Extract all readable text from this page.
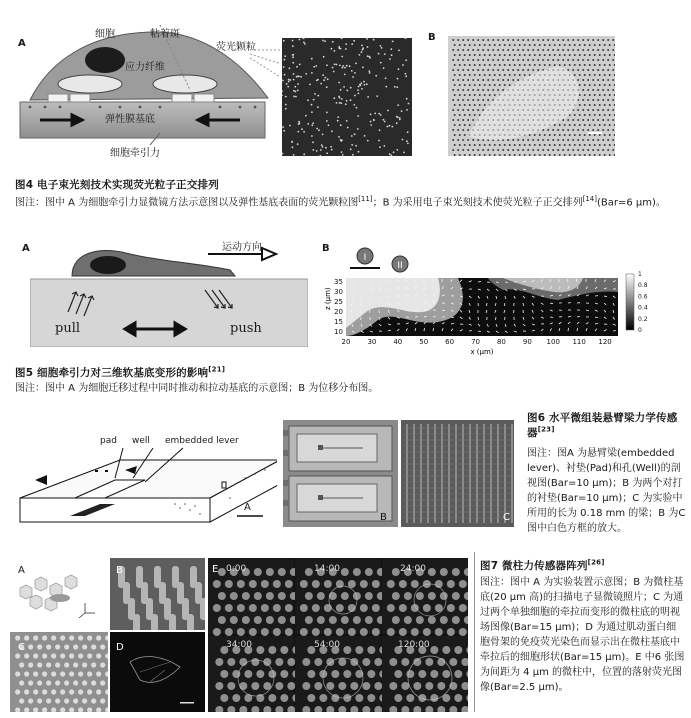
A
细胞	粘着斑
荧光颗粒
应力纤维
弹性膜基底
细胞牵引力
B
图4 电子束光刻技术实现荧光粒子正交排列
图注：图中 A 为细胞牵引力显微镜方法示意图以及弹性基底表面的荧光颗粒图[11]；B 为采用电子束光刻技术使荧光粒子正交排列[14](Bar=6 μm)。
A	运动方向
pull	push
B
I
II
20 30 40 50 60 70 80 90 100 110 120
35
30
25
20
15
10
x (μm)
z (μm)
1
0.8
0.6
0.4
0.2
0
图5 细胞牵引力对三维软基底变形的影响[21]
图注：图中 A 为细胞迁移过程中同时推动和拉动基底的示意图；B 为位移分布图。
pad well embedded lever
A
B	C
图6 水平微组装悬臂梁力学传感器[23]
图注：图A 为悬臂梁(embedded lever)、衬垫(Pad)和孔(Well)的剖视图(Bar=10 μm)；B 为两个对打的衬垫(Bar=10 μm)；C 为实验中所用的长为 0.18 mm 的梁；B 为C图中白色方框的放大。
A	B
C	D
E 0:00	14:00	24:00
34:00	54:00	120:00
图7 微柱力传感器阵列[26]
图注：图中 A 为实验装置示意图；B 为微柱基底(20 μm 高)的扫描电子显微镜照片；C 为通过两个单独细胞的牵拉而变形的微柱底的明视场图像(Bar=15 μm)；D 为通过肌动蛋白细胞骨架的免疫荧光染色而显示出在微柱基底中牵拉后的细胞形状(Bar=15 μm)。E 中6 张图为间距为 4 μm 的微柱中，位置的落射荧光图像(Bar=2.5 μm)。
